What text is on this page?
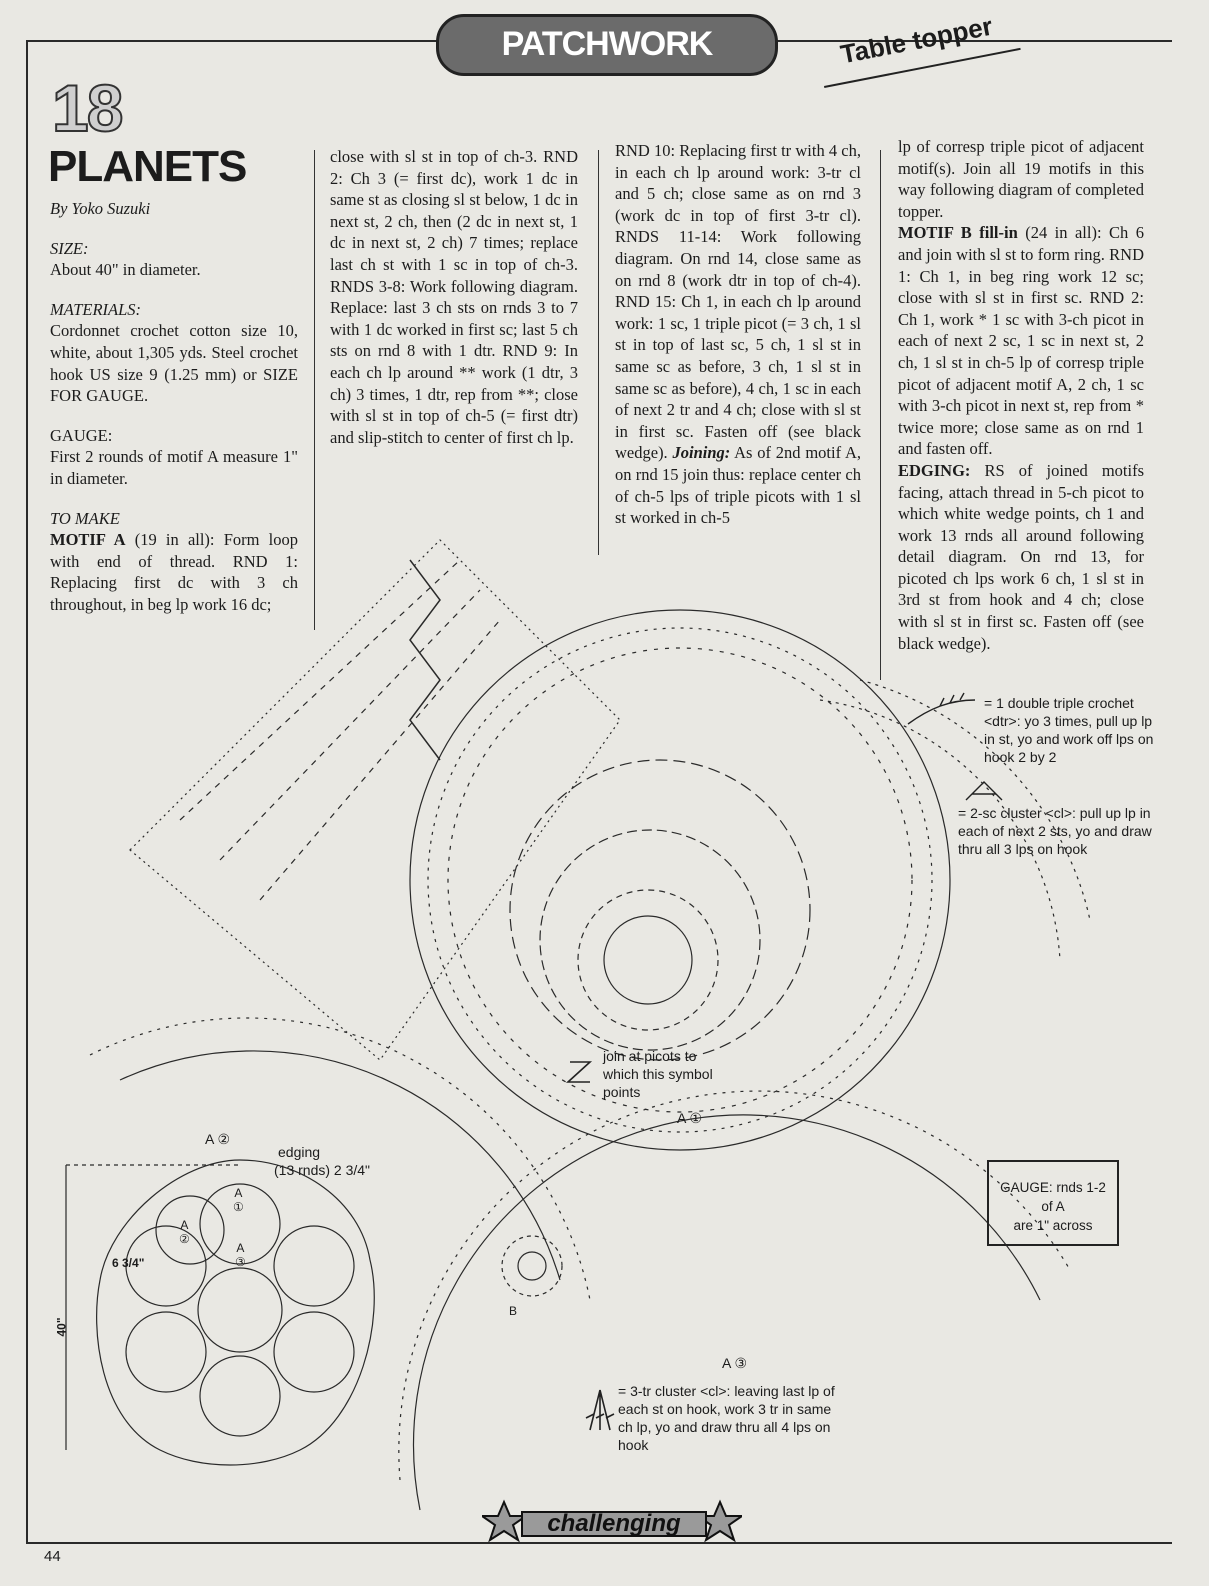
PATCHWORK	Table topper
18
PLANETS

By Yoko Suzuki

SIZE:

About 40" in diameter.

MATERIALS:

Cordonnet crochet cotton size 10, white, about 1,305 yds. Steel crochet hook US size 9 (1.25 mm) or SIZE FOR GAUGE.

GAUGE:

First 2 rounds of motif A measure 1" in diameter.

TO MAKE

MOTIF A (19 in all): Form loop with end of thread. RND 1: Replacing first dc with 3 ch throughout, in beg lp work 16 dc;

close with sl st in top of ch-3. RND 2: Ch 3 (= first dc), work 1 dc in same st as closing sl st below, 1 dc in next st, 2 ch, then (2 dc in next st, 1 dc in next st, 2 ch) 7 times; replace last ch st with 1 sc in top of ch-3. RNDS 3-8: Work following diagram. Replace: last 3 ch sts on rnds 3 to 7 with 1 dc worked in first sc; last 5 ch sts on rnd 8 with 1 dtr. RND 9: In each ch lp around ** work (1 dtr, 3 ch) 3 times, 1 dtr, rep from **; close with sl st in top of ch-5 (= first dtr) and slip-stitch to center of first ch lp.

RND 10: Replacing first tr with 4 ch, in each ch lp around work: 3-tr cl and 5 ch; close same as on rnd 3 (work dc in top of first 3-tr cl). RNDS 11-14: Work following diagram. On rnd 14, close same as on rnd 8 (work dtr in top of ch-4). RND 15: Ch 1, in each ch lp around work: 1 sc, 1 triple picot (= 3 ch, 1 sl st in top of last sc, 5 ch, 1 sl st in same sc as before, 3 ch, 1 sl st in same sc as before), 4 ch, 1 sc in each of next 2 tr and 4 ch; close with sl st in first sc. Fasten off (see black wedge). Joining: As of 2nd motif A, on rnd 15 join thus: replace center ch of ch-5 lps of triple picots with 1 sl st worked in ch-5

lp of corresp triple picot of adjacent motif(s). Join all 19 motifs in this way following diagram of completed topper.

MOTIF B fill-in (24 in all): Ch 6 and join with sl st to form ring. RND 1: Ch 1, in beg ring work 12 sc; close with sl st in first sc. RND 2: Ch 1, work * 1 sc with 3-ch picot in each of next 2 sc, 1 sc in next st, 2 ch, 1 sl st in ch-5 lp of corresp triple picot of adjacent motif A, 2 ch, 1 sc with 3-ch picot in next st, rep from * twice more; close same as on rnd 1 and fasten off.

EDGING: RS of joined motifs facing, attach thread in 5-ch picot to which white wedge points, ch 1 and work 13 rnds all around following detail diagram. On rnd 13, for picoted ch lps work 6 ch, 1 sl st in 3rd st from hook and 4 ch; close with sl st in first sc. Fasten off (see black wedge).

= 1 double triple crochet <dtr>: yo 3 times, pull up lp in st, yo and work off lps on hook 2 by 2
= 2-sc cluster <cl>: pull up lp in each of next 2 sts, yo and draw thru all 3 lps on hook
join at picots to which this symbol points
= 3-tr cluster <cl>: leaving last lp of each st on hook, work 3 tr in same ch lp, yo and draw thru all 4 lps on hook
GAUGE: rnds 1-2
of A
are 1" across
A ①
A ②
A ③
B
edging
(13 rnds) 2 3/4"
A
①
A
②
A
③
6 3/4"
40"
challenging
44
